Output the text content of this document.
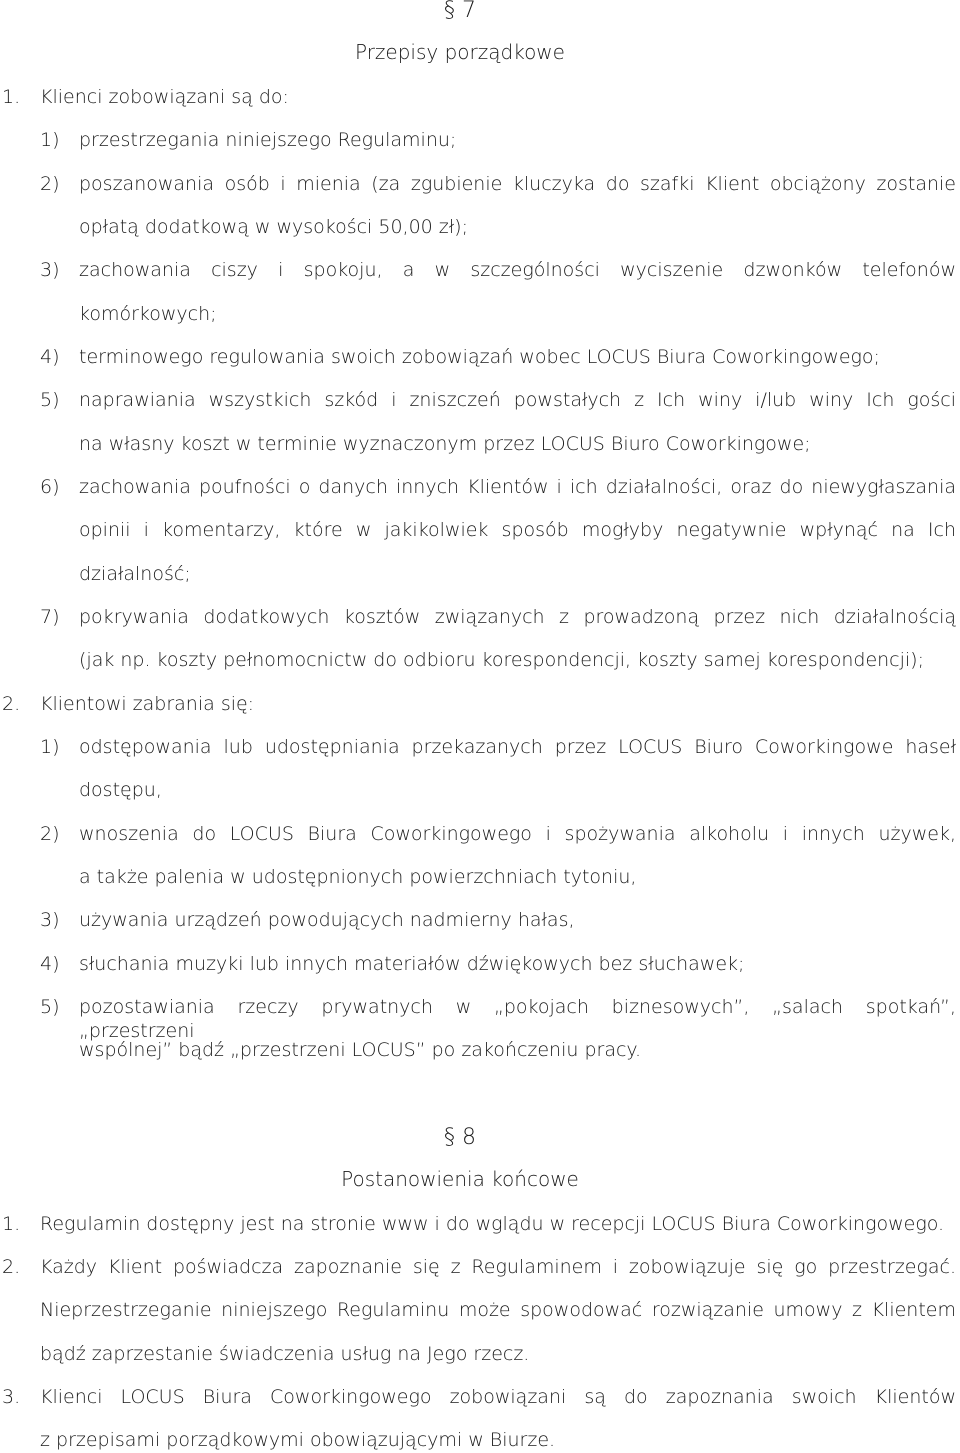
§ 7
Przepisy porządkowe
1. Klienci zobowiązani są do:
1) przestrzegania niniejszego Regulaminu;
2) poszanowania osób i mienia (za zgubienie kluczyka do szafki Klient obciążony zostanie
opłatą dodatkową w wysokości 50,00 zł);
3) zachowania ciszy i spokoju, a w szczególności wyciszenie dzwonków telefonów
komórkowych;
4) terminowego regulowania swoich zobowiązań wobec LOCUS Biura Coworkingowego;
5) naprawiania wszystkich szkód i zniszczeń powstałych z Ich winy i/lub winy Ich gości
na własny koszt w terminie wyznaczonym przez LOCUS Biuro Coworkingowe;
6) zachowania poufności o danych innych Klientów i ich działalności, oraz do niewygłaszania
opinii i komentarzy, które w jakikolwiek sposób mogłyby negatywnie wpłynąć na Ich
działalność;
7) pokrywania dodatkowych kosztów związanych z prowadzoną przez nich działalnością
(jak np. koszty pełnomocnictw do odbioru korespondencji, koszty samej korespondencji);
2. Klientowi zabrania się:
1) odstępowania lub udostępniania przekazanych przez LOCUS Biuro Coworkingowe haseł
dostępu,
2) wnoszenia do LOCUS Biura Coworkingowego i spożywania alkoholu i innych używek,
a także palenia w udostępnionych powierzchniach tytoniu,
3) używania urządzeń powodujących nadmierny hałas,
4) słuchania muzyki lub innych materiałów dźwiękowych bez słuchawek;
5) pozostawiania rzeczy prywatnych w „pokojach biznesowych”, „salach spotkań”, „przestrzeni
wspólnej” bądź „przestrzeni LOCUS” po zakończeniu pracy.
§ 8
Postanowienia końcowe
1. Regulamin dostępny jest na stronie www i do wglądu w recepcji LOCUS Biura Coworkingowego.
2. Każdy Klient poświadcza zapoznanie się z Regulaminem i zobowiązuje się go przestrzegać.
Nieprzestrzeganie niniejszego Regulaminu może spowodować rozwiązanie umowy z Klientem
bądź zaprzestanie świadczenia usług na Jego rzecz.
3. Klienci LOCUS Biura Coworkingowego zobowiązani są do zapoznania swoich Klientów
z przepisami porządkowymi obowiązującymi w Biurze.
